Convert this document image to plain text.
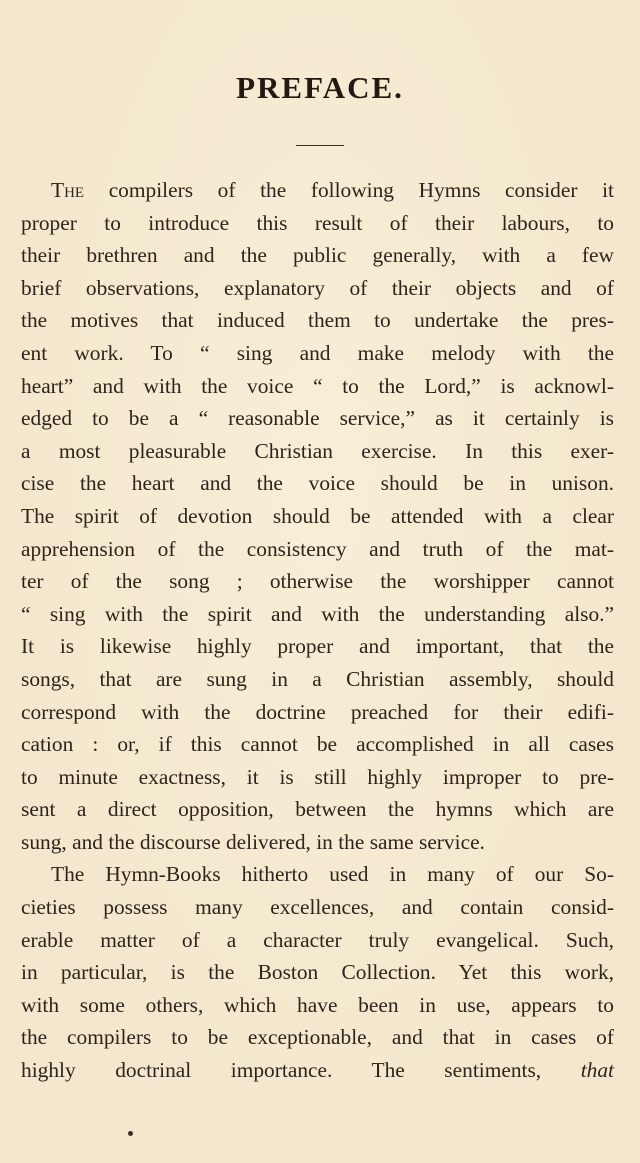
PREFACE.
The compilers of the following Hymns consider it
proper to introduce this result of their labours, to
their brethren and the public generally, with a few
brief observations, explanatory of their objects and of
the motives that induced them to undertake the pres-
ent work. To “ sing and make melody with the
heart” and with the voice “ to the Lord,” is acknowl-
edged to be a “ reasonable service,” as it certainly is
a most pleasurable Christian exercise. In this exer-
cise the heart and the voice should be in unison.
The spirit of devotion should be attended with a clear
apprehension of the consistency and truth of the mat-
ter of the song ; otherwise the worshipper cannot
“ sing with the spirit and with the understanding also.”
It is likewise highly proper and important, that the
songs, that are sung in a Christian assembly, should
correspond with the doctrine preached for their edifi-
cation : or, if this cannot be accomplished in all cases
to minute exactness, it is still highly improper to pre-
sent a direct opposition, between the hymns which are
sung, and the discourse delivered, in the same service.
The Hymn-Books hitherto used in many of our So-
cieties possess many excellences, and contain consid-
erable matter of a character truly evangelical. Such,
in particular, is the Boston Collection. Yet this work,
with some others, which have been in use, appears to
the compilers to be exceptionable, and that in cases of
highly doctrinal importance. The sentiments, that
